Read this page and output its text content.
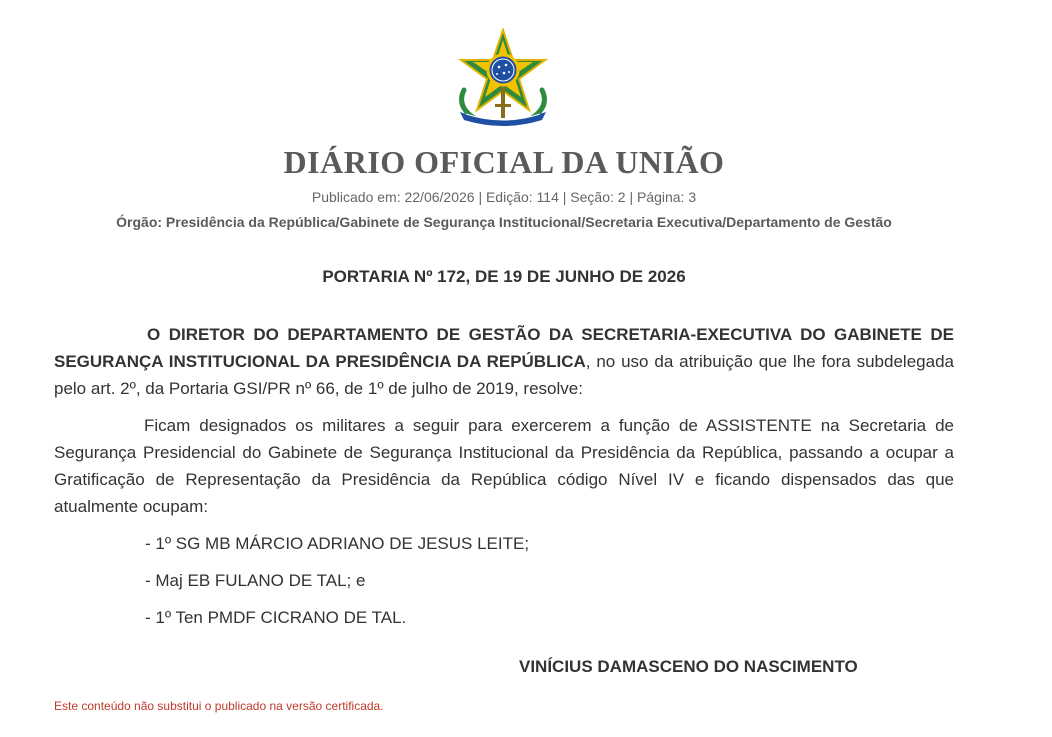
DIÁRIO OFICIAL DA UNIÃO
Publicado em: 22/06/2026 | Edição: 114 | Seção: 2 | Página: 3
Órgão: Presidência da República/Gabinete de Segurança Institucional/Secretaria Executiva/Departamento de Gestão
PORTARIA Nº 172, DE 19 DE JUNHO DE 2026

O DIRETOR DO DEPARTAMENTO DE GESTÃO DA SECRETARIA-EXECUTIVA DO GABINETE DE SEGURANÇA INSTITUCIONAL DA PRESIDÊNCIA DA REPÚBLICA, no uso da atribuição que lhe fora subdelegada pelo art. 2º, da Portaria GSI/PR nº 66, de 1º de julho de 2019, resolve:

Ficam designados os militares a seguir para exercerem a função de ASSISTENTE na Secretaria de Segurança Presidencial do Gabinete de Segurança Institucional da Presidência da República, passando a ocupar a Gratificação de Representação da Presidência da República código Nível IV e ficando dispensados das que atualmente ocupam:

- 1º SG MB MÁRCIO ADRIANO DE JESUS LEITE;
- Maj EB FULANO DE TAL; e
- 1º Ten PMDF CICRANO DE TAL.
VINÍCIUS DAMASCENO DO NASCIMENTO
Este conteúdo não substitui o publicado na versão certificada.
